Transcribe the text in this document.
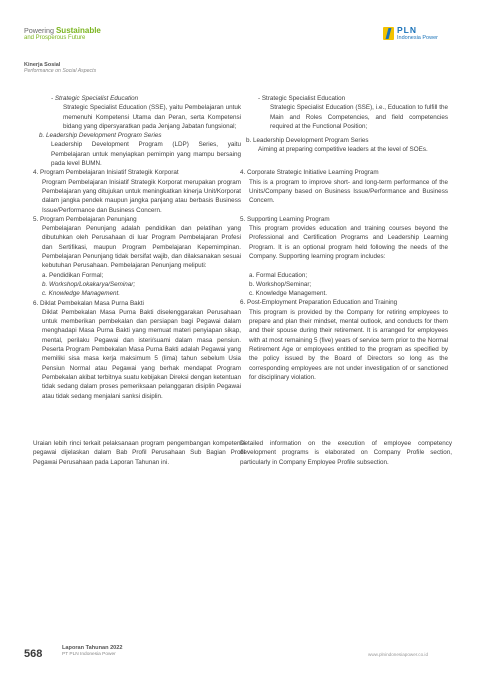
Powering Sustainable
and Prosperous Future
PLN
Indonesia Power
Kinerja Sosial
Performance on Social Aspects

- Strategic Specialist Education

Strategic Specialist Education (SSE), yaitu Pembelajaran untuk memenuhi Kompetensi Utama dan Peran, serta Kompetensi bidang yang dipersyaratkan pada Jenjang Jabatan fungsional;

b. Leadership Development Program Series

Leadership Development Program (LDP) Series, yaitu Pembelajaran untuk menyiapkan pemimpin yang mampu bersaing pada level BUMN.

4. Program Pembelajaran Inisiatif Strategik Korporat

Program Pembelajaran Inisiatif Strategik Korporat merupakan program Pembelajaran yang ditujukan untuk meningkatkan kinerja Unit/Korporat dalam jangka pendek maupun jangka panjang atau berbasis Business Issue/Performance dan Business Concern.

5. Program Pembelajaran Penunjang

Pembelajaran Penunjang adalah pendidikan dan pelatihan yang dibutuhkan oleh Perusahaan di luar Program Pembelajaran Profesi dan Sertifikasi, maupun Program Pembelajaran Kepemimpinan. Pembelajaran Penunjang tidak bersifat wajib, dan dilaksanakan sesuai kebutuhan Perusahaan. Pembelajaran Penunjang meliputi:

a. Pendidikan Formal;

b. Workshop/Lokakarya/Seminar;

c. Knowledge Management.

6. Diklat Pembekalan Masa Purna Bakti

Diklat Pembekalan Masa Purna Bakti diselenggarakan Perusahaan untuk memberikan pembekalan dan persiapan bagi Pegawai dalam menghadapi Masa Purna Bakti yang memuat materi penyiapan sikap, mental, perilaku Pegawai dan isteri/suami dalam masa pensiun. Peserta Program Pembekalan Masa Purna Bakti adalah Pegawai yang memiliki sisa masa kerja maksimum 5 (lima) tahun sebelum Usia Pensiun Normal atau Pegawai yang berhak mendapat Program Pembekalan akibat terbitnya suatu kebijakan Direksi dengan ketentuan tidak sedang dalam proses pemeriksaan pelanggaran disiplin Pegawai atau tidak sedang menjalani sanksi disiplin.

- Strategic Specialist Education

Strategic Specialist Education (SSE), i.e., Education to fulfill the Main and Roles Competencies, and field competencies required at the Functional Position;

b. Leadership Development Program Series

Aiming at preparing competitive leaders at the level of SOEs.

4. Corporate Strategic Initiative Learning Program

This is a program to improve short- and long-term performance of the Units/Company based on Business Issue/Performance and Business Concern.

5. Supporting Learning Program

This program provides education and training courses beyond the Professional and Certification Programs and Leadership Learning Program. It is an optional program held following the needs of the Company. Supporting learning program includes:

a. Formal Education;

b. Workshop/Seminar;

c. Knowledge Management.

6. Post-Employment Preparation Education and Training

This program is provided by the Company for retiring employees to prepare and plan their mindset, mental outlook, and conducts for them and their spouse during their retirement. It is arranged for employees with at most remaining 5 (five) years of service term prior to the Normal Retirement Age or employees entitled to the program as specified by the policy issued by the Board of Directors so long as the corresponding employees are not under investigation of or sanctioned for disciplinary violation.

Uraian lebih rinci terkait pelaksanaan program pengembangan kompetensi pegawai dijelaskan dalam Bab Profil Perusahaan Sub Bagian Profil Pegawai Perusahaan pada Laporan Tahunan ini.
Detailed information on the execution of employee competency development programs is elaborated on Company Profile section, particularly in Company Employee Profile subsection.
568	Laporan Tahunan 2022
PT PLN Indonesia Power	www.plnindonesiapower.co.id
